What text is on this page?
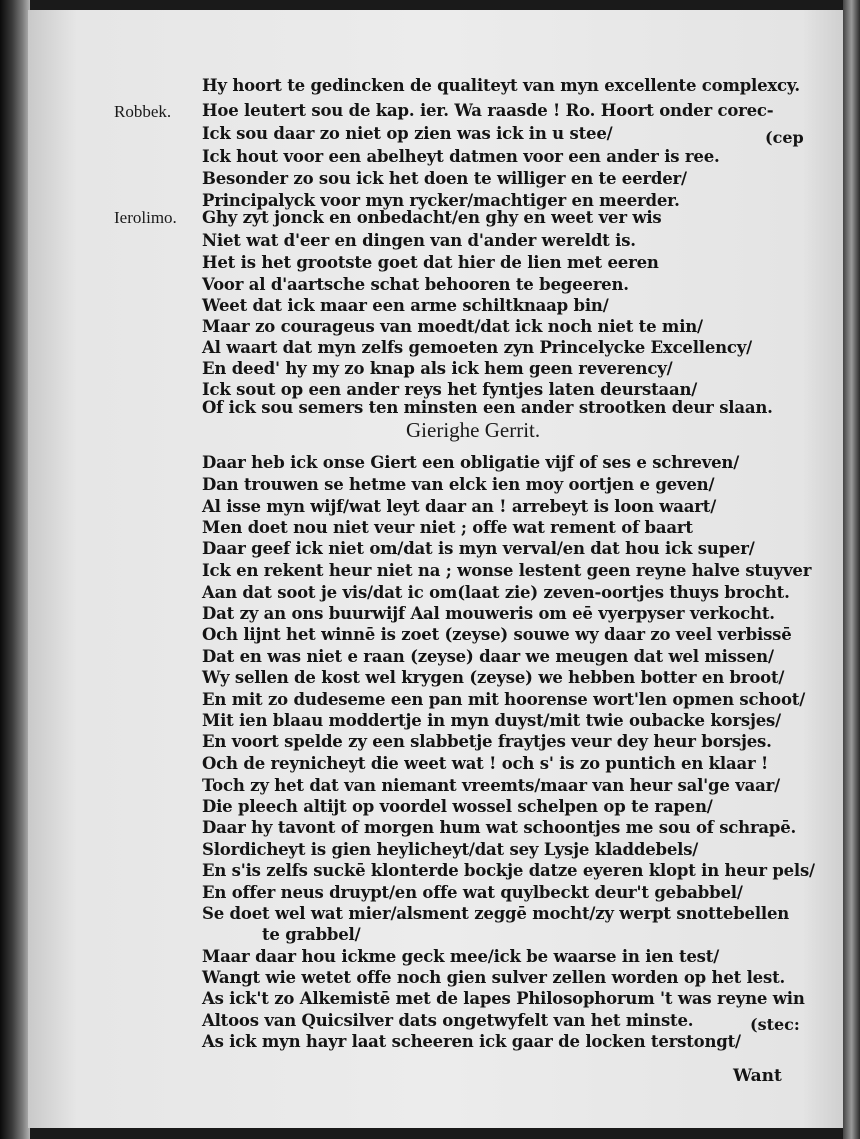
Robbek.
Ierolimo.
Hy hoort te gedincken de qualiteyt van myn excellente complexcy.
Hoe leutert sou de kap. ier. Wa raasde ! Ro. Hoort onder corec-
Ick sou daar zo niet op zien was ick in u stee/	(cep
Ick hout voor een abelheyt datmen voor een ander is ree.
Besonder zo sou ick het doen te williger en te eerder/
Principalyck voor myn rycker/machtiger en meerder.
Ghy zyt jonck en onbedacht/en ghy en weet ver wis
Niet wat d'eer en dingen van d'ander wereldt is.
Het is het grootste goet dat hier de lien met eeren
Voor al d'aartsche schat behooren te begeeren.
Weet dat ick maar een arme schiltknaap bin/
Maar zo courageus van moedt/dat ick noch niet te min/
Al waart dat myn zelfs gemoeten zyn Princelycke Excellency/
En deed' hy my zo knap als ick hem geen reverency/
Ick sout op een ander reys het fyntjes laten deurstaan/
Of ick sou semers ten minsten een ander strootken deur slaan.
Gierighe Gerrit.
Daar heb ick onse Giert een obligatie vijf of ses e schreven/
Dan trouwen se hetme van elck ien moy oortjen e geven/
Al isse myn wijf/wat leyt daar an ! arrebeyt is loon waart/
Men doet nou niet veur niet ; offe wat rement of baart
Daar geef ick niet om/dat is myn verval/en dat hou ick super/
Ick en rekent heur niet na ; wonse lestent geen reyne halve stuyver
Aan dat soot je vis/dat ic om(laat zie) zeven-oortjes thuys brocht.
Dat zy an ons buurwijf Aal mouweris om eē vyerpyser verkocht.
Och lijnt het winnē is zoet (zeyse) souwe wy daar zo veel verbissē
Dat en was niet e raan (zeyse) daar we meugen dat wel missen/
Wy sellen de kost wel krygen (zeyse) we hebben botter en broot/
En mit zo dudeseme een pan mit hoorense wort'len opmen schoot/
Mit ien blaau moddertje in myn duyst/mit twie oubacke korsjes/
En voort spelde zy een slabbetje fraytjes veur dey heur borsjes.
Och de reynicheyt die weet wat ! och s' is zo puntich en klaar !
Toch zy het dat van niemant vreemts/maar van heur sal'ge vaar/
Die pleech altijt op voordel wossel schelpen op te rapen/
Daar hy tavont of morgen hum wat schoontjes me sou of schrapē.
Slordicheyt is gien heylicheyt/dat sey Lysje kladdebels/
En s'is zelfs suckē klonterde bockje datze eyeren klopt in heur pels/
En offer neus druypt/en offe wat quylbeckt deur't gebabbel/
Se doet wel wat mier/alsment zeggē mocht/zy werpt snottebellen
te grabbel/
Maar daar hou ickme geck mee/ick be waarse in ien test/
Wangt wie wetet offe noch gien sulver zellen worden op het lest.
As ick't zo Alkemistē met de lapes Philosophorum 't was reyne win
Altoos van Quicsilver dats ongetwyfelt van het minste.	(stec:
As ick myn hayr laat scheeren ick gaar de locken terstongt/
Want
